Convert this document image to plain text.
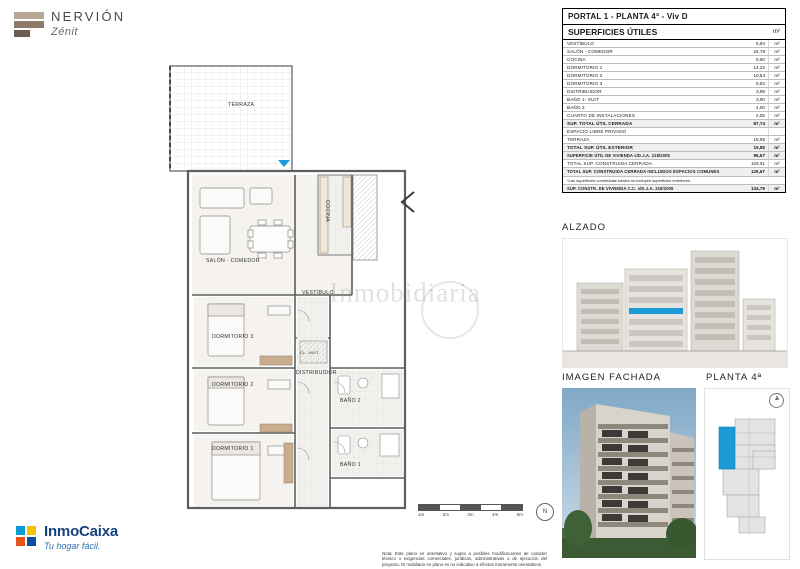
NERVIÓN
Zénit
Inmobidiaria
TERRAZA
COCINA
SALÓN - COMEDOR
VESTÍBULO
DORMITORIO 3
DORMITORIO 2
DORMITORIO 1
DISTRIBUIDOR
CL. INST.
BAÑO 2
BAÑO 1
1m	2m	3m	4m	5m	N
Nota: Este plano es orientativo y sujeto a posibles modificaciones de carácter técnico o exigencias comerciales, jurídicas, administrativas o de ejecución del proyecto. El mobiliario en plano es no indicativo a efectos meramente orientativos.
PORTAL 1 - PLANTA 4ª - Viv D
SUPERFICIES ÚTILES	m²
VESTÍBULO	6,84	m²
SALÓN - COMEDOR	24,78	m²
COCINA	9,60	m²
DORMITORIO 1	14,22	m²
DORMITORIO 2	10,54	m²
DORMITORIO 3	9,83	m²
DISTRIBUIDOR	3,98	m²
BAÑO 1- SUIT	3,90	m²
BAÑO 2	4,00	m²
CUARTO DE INSTALACIONES	2,05	m²
SUP. TOTAL ÚTIL CERRADA	87,74	m²
ESPACIO LIBRE PRIVADO
TERRAZA	15,85	m²
TOTAL SUP. ÚTIL EXTERIOR	15,85	m²
SUPERFICIE ÚTIL DE VIVIENDA s/D.J.A. 218/2005	95,67	m²
TOTAL SUP. CONSTRUIDA CERRADA	103,91	m²
TOTAL SUP. CONSTRUIDA CERRADA INCLUIDOS ESPACIOS COMUNES	126,67	m²
*Las superficies construidas totales no incluyen superficies exteriores.
SUP. CONSTR. DE VIVIENDA C.C. s/D.J.A. 218/2005	134,79	m²
ALZADO
IMAGEN FACHADA	PLANTA 4ª
InmoCaixa
Tu hogar fácil.
